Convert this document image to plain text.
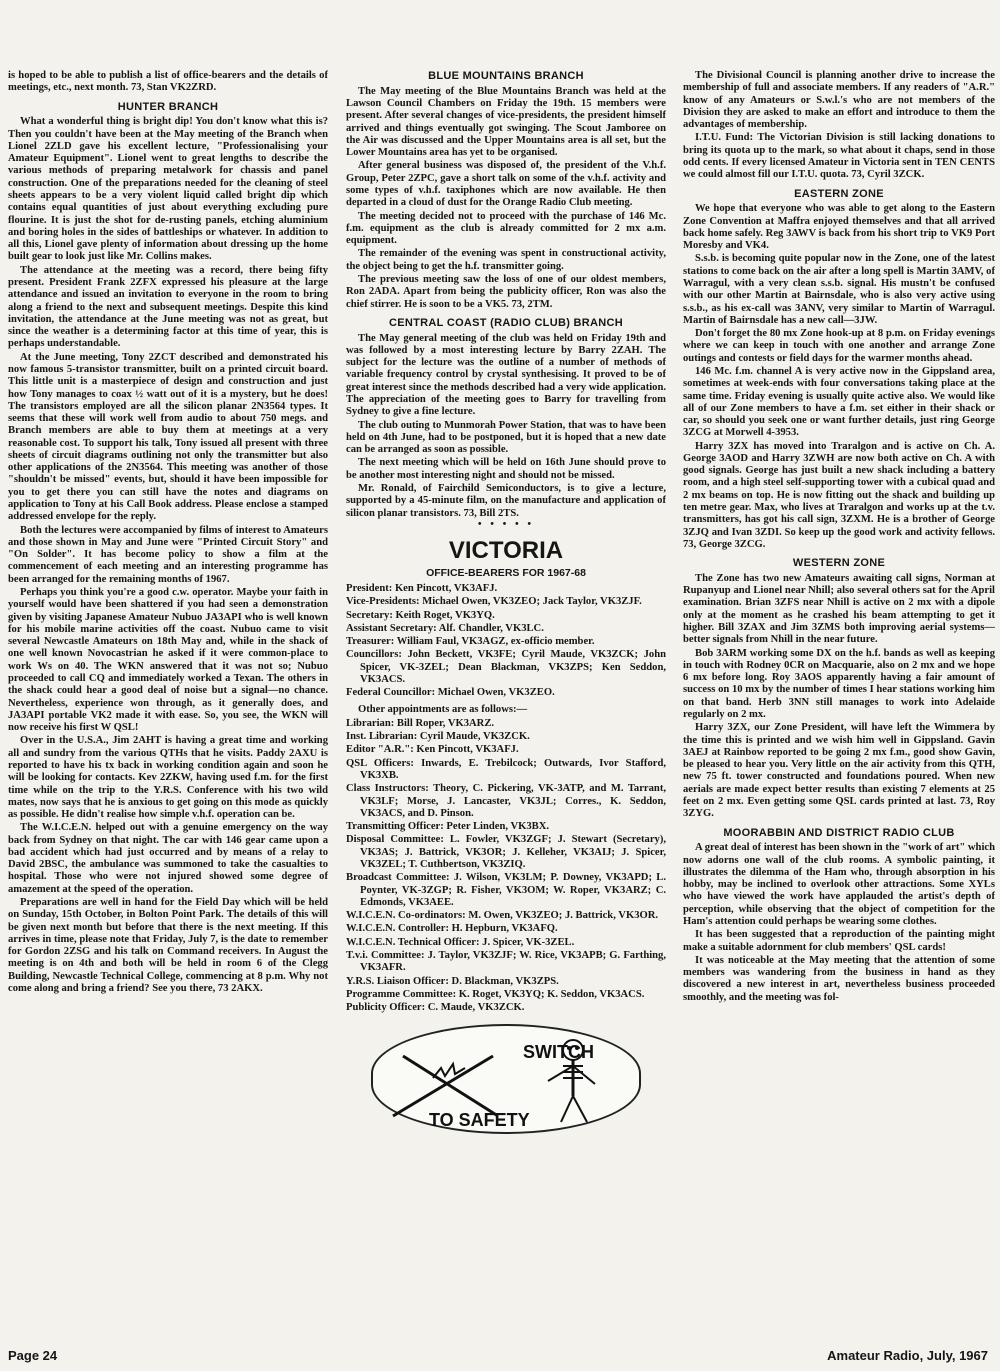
is hoped to be able to publish a list of office-bearers and the details of meetings, etc., next month. 73, Stan VK2ZRD.

HUNTER BRANCH

What a wonderful thing is bright dip! You don't know what this is? Then you couldn't have been at the May meeting of the Branch when Lionel 2ZLD gave his excellent lecture, "Professionalising your Amateur Equipment". Lionel went to great lengths to describe the various methods of preparing metalwork for chassis and panel construction. One of the preparations needed for the cleaning of steel sheets appears to be a very violent liquid called bright dip which contains equal quantities of just about everything excluding pure flourine. It is just the shot for de-rusting panels, etching aluminium and boring holes in the sides of battleships or whatever. In addition to all this, Lionel gave plenty of information about dressing up the home built gear to look just like Mr. Collins makes.

The attendance at the meeting was a record, there being fifty present. President Frank 2ZFX expressed his pleasure at the large attendance and issued an invitation to everyone in the room to bring along a friend to the next and subsequent meetings. Despite this kind invitation, the attendance at the June meeting was not as great, but since the weather is a determining factor at this time of year, this is perhaps understandable.

At the June meeting, Tony 2ZCT described and demonstrated his now famous 5-transistor transmitter, built on a printed circuit board. This little unit is a masterpiece of design and construction and just how Tony manages to coax ½ watt out of it is a mystery, but he does! The transistors employed are all the silicon planar 2N3564 types. It seems that these will work well from audio to about 750 megs. and Branch members are able to buy them at meetings at a very reasonable cost. To support his talk, Tony issued all present with three sheets of circuit diagrams outlining not only the transmitter but also other applications of the 2N3564. This meeting was another of those "shouldn't be missed" events, but, should it have been impossible for you to get there you can still have the notes and diagrams on application to Tony at his Call Book address. Please enclose a stamped addressed envelope for the reply.

Both the lectures were accompanied by films of interest to Amateurs and those shown in May and June were "Printed Circuit Story" and "On Solder". It has become policy to show a film at the commencement of each meeting and an interesting programme has been arranged for the remaining months of 1967.

Perhaps you think you're a good c.w. operator. Maybe your faith in yourself would have been shattered if you had seen a demonstration given by visiting Japanese Amateur Nubuo JA3API who is well known for his mobile marine activities off the coast. Nubuo came to visit several Newcastle Amateurs on 18th May and, while in the shack of one well known Novocastrian he asked if it were common-place to work Ws on 40. The WKN answered that it was not so; Nubuo proceeded to call CQ and immediately worked a Texan. The others in the shack could hear a good deal of noise but a signal—no chance. Nevertheless, experience won through, as it generally does, and JA3API portable VK2 made it with ease. So, you see, the WKN will now receive his first W QSL!

Over in the U.S.A., Jim 2AHT is having a great time and working all and sundry from the various QTHs that he visits. Paddy 2AXU is reported to have his tx back in working condition again and soon he will be looking for contacts. Kev 2ZKW, having used f.m. for the first time while on the trip to the Y.R.S. Conference with his two wild mates, now says that he is anxious to get going on this mode as quickly as possible. He didn't realise how simple v.h.f. operation can be.

The W.I.C.E.N. helped out with a genuine emergency on the way back from Sydney on that night. The car with 146 gear came upon a bad accident which had just occurred and by means of a relay to David 2BSC, the ambulance was summoned to take the casualties to hospital. Those who were not injured showed some degree of amazement at the speed of the operation.

Preparations are well in hand for the Field Day which will be held on Sunday, 15th October, in Bolton Point Park. The details of this will be given next month but before that there is the next meeting. If this arrives in time, please note that Friday, July 7, is the date to remember for Gordon 2ZSG and his talk on Command receivers. In August the meeting is on 4th and both will be held in room 6 of the Clegg Building, Newcastle Technical College, commencing at 8 p.m. Why not come along and bring a friend? See you there, 73 2AKX.

BLUE MOUNTAINS BRANCH

The May meeting of the Blue Mountains Branch was held at the Lawson Council Chambers on Friday the 19th. 15 members were present. After several changes of vice-presidents, the president himself arrived and things eventually got swinging. The Scout Jamboree on the Air was discussed and the Upper Mountains area is all set, but the Lower Mountains area has yet to be organised.

After general business was disposed of, the president of the V.h.f. Group, Peter 2ZPC, gave a short talk on some of the v.h.f. activity and some types of v.h.f. taxiphones which are now available. He then departed in a cloud of dust for the Orange Radio Club meeting.

The meeting decided not to proceed with the purchase of 146 Mc. f.m. equipment as the club is already committed for 2 mx a.m. equipment.

The remainder of the evening was spent in constructional activity, the object being to get the h.f. transmitter going.

The previous meeting saw the loss of one of our oldest members, Ron 2ADA. Apart from being the publicity officer, Ron was also the chief stirrer. He is soon to be a VK5. 73, 2TM.

CENTRAL COAST (RADIO CLUB) BRANCH

The May general meeting of the club was held on Friday 19th and was followed by a most interesting lecture by Barry 2ZAH. The subject for the lecture was the outline of a number of methods of variable frequency control by crystal synthesising. It proved to be of great interest since the methods described had a very wide application. The appreciation of the meeting goes to Barry for travelling from Sydney to give a fine lecture.

The club outing to Munmorah Power Station, that was to have been held on 4th June, had to be postponed, but it is hoped that a new date can be arranged as soon as possible.

The next meeting which will be held on 16th June should prove to be another most interesting night and should not be missed.

Mr. Ronald, of Fairchild Semiconductors, is to give a lecture, supported by a 45-minute film, on the manufacture and application of silicon planar transistors. 73, Bill 2TS.

• • • • •
VICTORIA
OFFICE-BEARERS FOR 1967-68
President: Ken Pincott, VK3AFJ.
Vice-Presidents: Michael Owen, VK3ZEO; Jack Taylor, VK3ZJF.
Secretary: Keith Roget, VK3YQ.
Assistant Secretary: Alf. Chandler, VK3LC.
Treasurer: William Faul, VK3AGZ, ex-officio member.
Councillors: John Beckett, VK3FE; Cyril Maude, VK3ZCK; John Spicer, VK-3ZEL; Dean Blackman, VK3ZPS; Ken Seddon, VK3ACS.
Federal Councillor: Michael Owen, VK3ZEO.

Other appointments are as follows:—

Librarian: Bill Roper, VK3ARZ.
Inst. Librarian: Cyril Maude, VK3ZCK.
Editor "A.R.": Ken Pincott, VK3AFJ.
QSL Officers: Inwards, E. Trebilcock; Outwards, Ivor Stafford, VK3XB.
Class Instructors: Theory, C. Pickering, VK-3ATP, and M. Tarrant, VK3LF; Morse, J. Lancaster, VK3JL; Corres., K. Seddon, VK3ACS, and D. Pinson.
Transmitting Officer: Peter Linden, VK3BX.
Disposal Committee: L. Fowler, VK3ZGF; J. Stewart (Secretary), VK3AS; J. Battrick, VK3OR; J. Kelleher, VK3AIJ; J. Spicer, VK3ZEL; T. Cuthbertson, VK3ZIQ.
Broadcast Committee: J. Wilson, VK3LM; P. Downey, VK3APD; L. Poynter, VK-3ZGP; R. Fisher, VK3OM; W. Roper, VK3ARZ; C. Edmonds, VK3AEE.
W.I.C.E.N. Co-ordinators: M. Owen, VK3ZEO; J. Battrick, VK3OR.
W.I.C.E.N. Controller: H. Hepburn, VK3AFQ.
W.I.C.E.N. Technical Officer: J. Spicer, VK-3ZEL.
T.v.i. Committee: J. Taylor, VK3ZJF; W. Rice, VK3APB; G. Farthing, VK3AFR.
Y.R.S. Liaison Officer: D. Blackman, VK3ZPS.
Programme Committee: K. Roget, VK3YQ; K. Seddon, VK3ACS.
Publicity Officer: C. Maude, VK3ZCK.
SWITCH
TO SAFETY

The Divisional Council is planning another drive to increase the membership of full and associate members. If any readers of "A.R." know of any Amateurs or S.w.l.'s who are not members of the Division they are asked to make an effort and introduce to them the advantages of membership.

I.T.U. Fund: The Victorian Division is still lacking donations to bring its quota up to the mark, so what about it chaps, send in those odd cents. If every licensed Amateur in Victoria sent in TEN CENTS we could almost fill our I.T.U. quota. 73, Cyril 3ZCK.

EASTERN ZONE

We hope that everyone who was able to get along to the Eastern Zone Convention at Maffra enjoyed themselves and that all arrived back home safely. Reg 3AWV is back from his short trip to VK9 Port Moresby and VK4.

S.s.b. is becoming quite popular now in the Zone, one of the latest stations to come back on the air after a long spell is Martin 3AMV, of Warragul, with a very clean s.s.b. signal. His mustn't be confused with our other Martin at Bairnsdale, who is also very active using s.s.b., as his ex-call was 3ANV, very similar to Martin of Warragul. Martin of Bairnsdale has a new call—3JW.

Don't forget the 80 mx Zone hook-up at 8 p.m. on Friday evenings where we can keep in touch with one another and arrange Zone outings and contests or field days for the warmer months ahead.

146 Mc. f.m. channel A is very active now in the Gippsland area, sometimes at week-ends with four conversations taking place at the same time. Friday evening is usually quite active also. We would like all of our Zone members to have a f.m. set either in their shack or car, so should you seek one or want further details, just ring George 3ZCG at Morwell 4-3953.

Harry 3ZX has moved into Traralgon and is active on Ch. A. George 3AOD and Harry 3ZWH are now both active on Ch. A with good signals. George has just built a new shack including a battery room, and a high steel self-supporting tower with a cubical quad and 2 mx beams on top. He is now fitting out the shack and building up ten metre gear. Max, who lives at Traralgon and works up at the t.v. transmitters, has got his call sign, 3ZXM. He is a brother of George 3ZJQ and Ivan 3ZDI. So keep up the good work and activity fellows. 73, George 3ZCG.

WESTERN ZONE

The Zone has two new Amateurs awaiting call signs, Norman at Rupanyup and Lionel near Nhill; also several others sat for the April examination. Brian 3ZFS near Nhill is active on 2 mx with a dipole only at the moment as he crashed his beam attempting to get it higher. Bill 3ZAX and Jim 3ZMS both improving aerial systems—better signals from Nhill in the near future.

Bob 3ARM working some DX on the h.f. bands as well as keeping in touch with Rodney 0CR on Macquarie, also on 2 mx and we hope 6 mx before long. Roy 3AOS apparently having a fair amount of success on 10 mx by the number of times I hear stations working him on that band. Herb 3NN still manages to work into Adelaide regularly on 2 mx.

Harry 3ZX, our Zone President, will have left the Wimmera by the time this is printed and we wish him well in Gippsland. Gavin 3AEJ at Rainbow reported to be going 2 mx f.m., good show Gavin, be pleased to hear you. Very little on the air activity from this QTH, new 75 ft. tower constructed and foundations poured. When new aerials are made expect better results than existing 7 elements at 25 feet on 2 mx. Even getting some QSL cards printed at last. 73, Roy 3ZYG.

MOORABBIN AND DISTRICT RADIO CLUB

A great deal of interest has been shown in the "work of art" which now adorns one wall of the club rooms. A symbolic painting, it illustrates the dilemma of the Ham who, through absorption in his hobby, may be inclined to overlook other attractions. Some XYLs who have viewed the work have applauded the artist's depth of perception, while observing that the object of competition for the Ham's attention could perhaps be wearing some clothes.

It has been suggested that a reproduction of the painting might make a suitable adornment for club members' QSL cards!

It was noticeable at the May meeting that the attention of some members was wandering from the business in hand as they discovered a new interest in art, nevertheless business proceeded smoothly, and the meeting was fol-

Page 24	Amateur Radio, July, 1967
